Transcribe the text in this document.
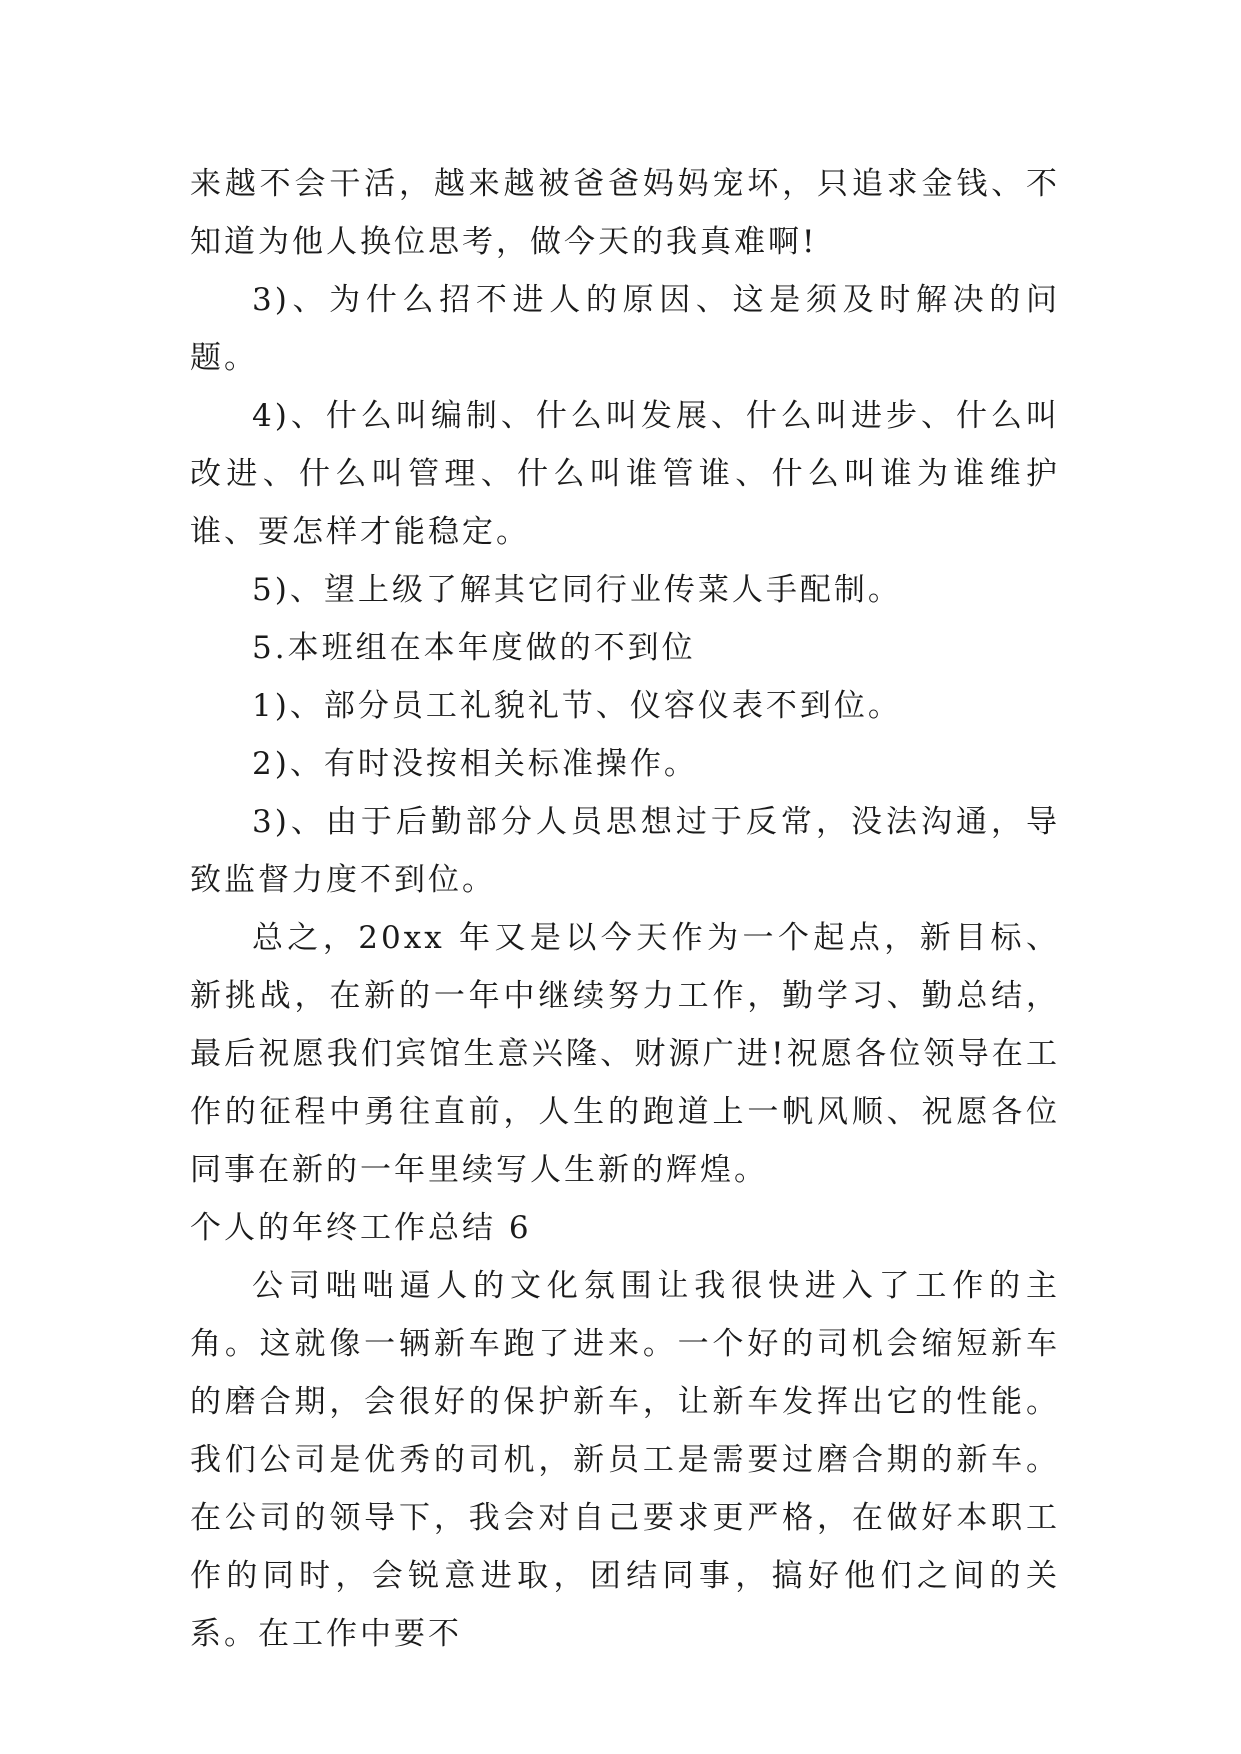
来越不会干活，越来越被爸爸妈妈宠坏，只追求金钱、不知道为他人换位思考，做今天的我真难啊!

3)、为什么招不进人的原因、这是须及时解决的问题。

4)、什么叫编制、什么叫发展、什么叫进步、什么叫改进、什么叫管理、什么叫谁管谁、什么叫谁为谁维护谁、要怎样才能稳定。

5)、望上级了解其它同行业传菜人手配制。

5.本班组在本年度做的不到位

1)、部分员工礼貌礼节、仪容仪表不到位。

2)、有时没按相关标准操作。

3)、由于后勤部分人员思想过于反常，没法沟通，导致监督力度不到位。

总之，20xx 年又是以今天作为一个起点，新目标、新挑战，在新的一年中继续努力工作，勤学习、勤总结，最后祝愿我们宾馆生意兴隆、财源广进!祝愿各位领导在工作的征程中勇往直前，人生的跑道上一帆风顺、祝愿各位同事在新的一年里续写人生新的辉煌。

个人的年终工作总结 6

公司咄咄逼人的文化氛围让我很快进入了工作的主角。这就像一辆新车跑了进来。一个好的司机会缩短新车的磨合期，会很好的保护新车，让新车发挥出它的性能。我们公司是优秀的司机，新员工是需要过磨合期的新车。在公司的领导下，我会对自己要求更严格，在做好本职工作的同时，会锐意进取，团结同事，搞好他们之间的关系。在工作中要不
